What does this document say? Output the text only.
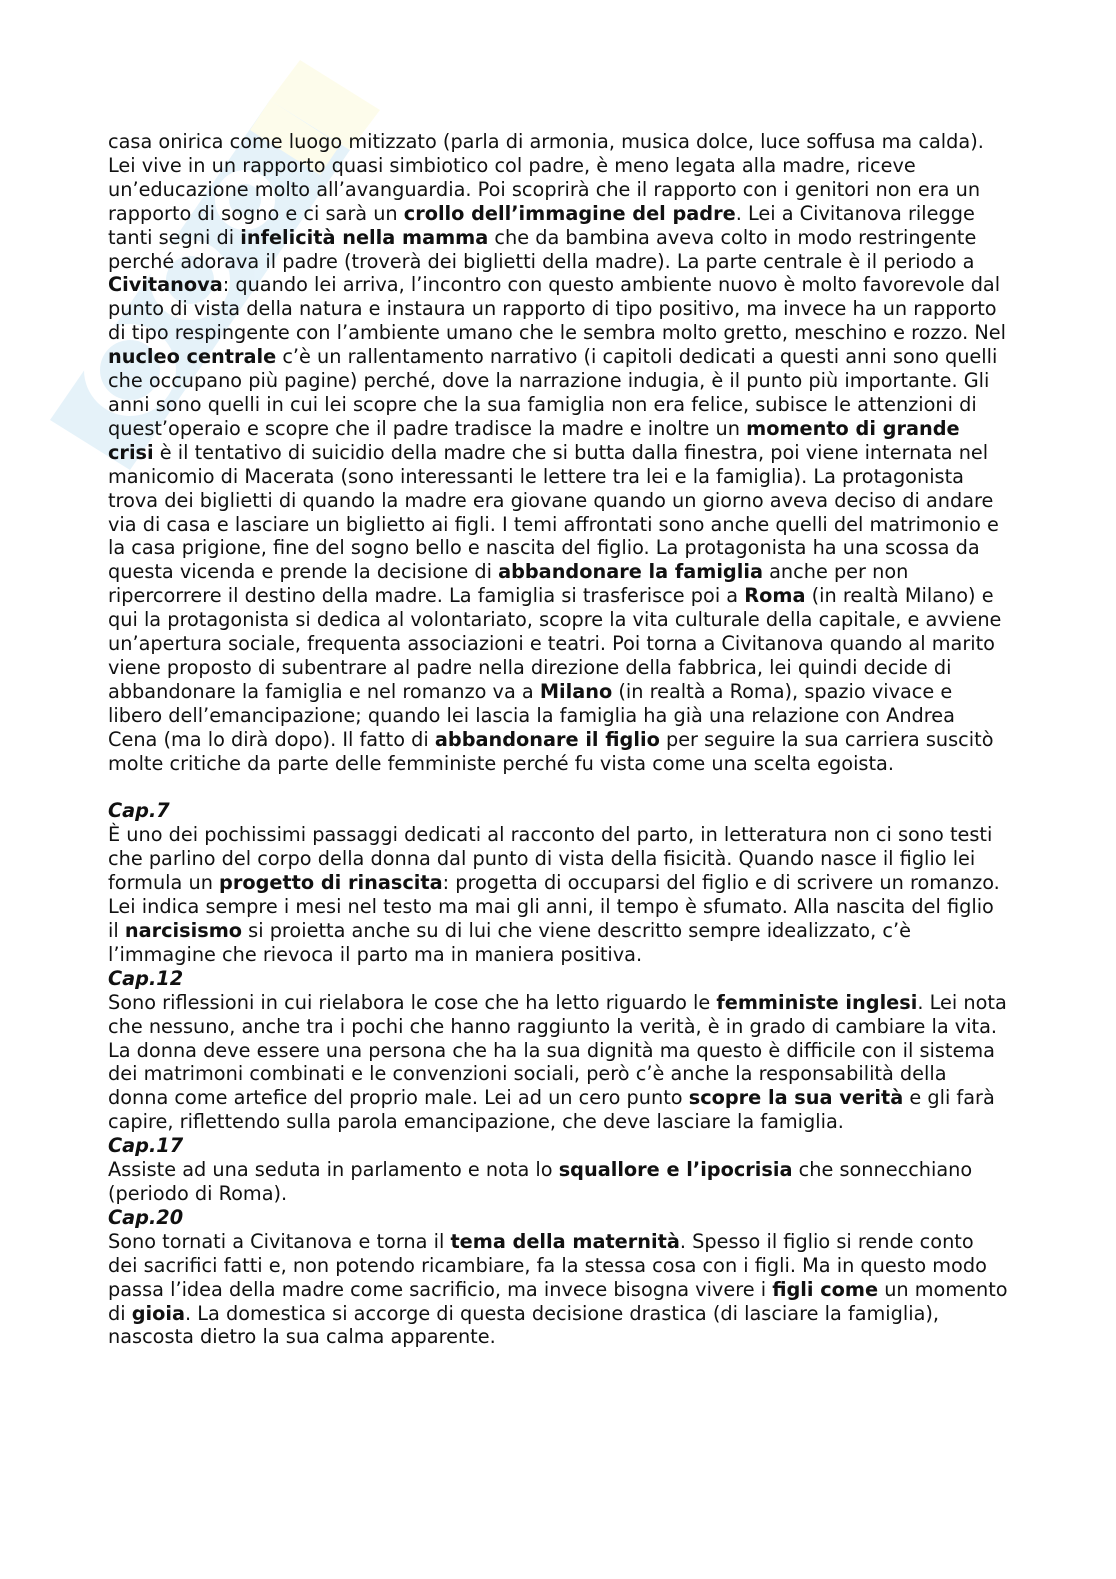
casa onirica come luogo mitizzato (parla di armonia, musica dolce, luce soffusa ma calda). Lei vive in un rapporto quasi simbiotico col padre, è meno legata alla madre, riceve un’educazione molto all’avanguardia. Poi scoprirà che il rapporto con i genitori non era un rapporto di sogno e ci sarà un crollo dell’immagine del padre. Lei a Civitanova rilegge tanti segni di infelicità nella mamma che da bambina aveva colto in modo restringente perché adorava il padre (troverà dei biglietti della madre). La parte centrale è il periodo a Civitanova: quando lei arriva, l’incontro con questo ambiente nuovo è molto favorevole dal punto di vista della natura e instaura un rapporto di tipo positivo, ma invece ha un rapporto di tipo respingente con l’ambiente umano che le sembra molto gretto, meschino e rozzo. Nel nucleo centrale c’è un rallentamento narrativo (i capitoli dedicati a questi anni sono quelli che occupano più pagine) perché, dove la narrazione indugia, è il punto più importante. Gli anni sono quelli in cui lei scopre che la sua famiglia non era felice, subisce le attenzioni di quest’operaio e scopre che il padre tradisce la madre e inoltre un momento di grande crisi è il tentativo di suicidio della madre che si butta dalla finestra, poi viene internata nel manicomio di Macerata (sono interessanti le lettere tra lei e la famiglia). La protagonista trova dei biglietti di quando la madre era giovane quando un giorno aveva deciso di andare via di casa e lasciare un biglietto ai figli. I temi affrontati sono anche quelli del matrimonio e la casa prigione, fine del sogno bello e nascita del figlio. La protagonista ha una scossa da questa vicenda e prende la decisione di abbandonare la famiglia anche per non ripercorrere il destino della madre. La famiglia si trasferisce poi a Roma (in realtà Milano) e qui la protagonista si dedica al volontariato, scopre la vita culturale della capitale, e avviene un’apertura sociale, frequenta associazioni e teatri. Poi torna a Civitanova quando al marito viene proposto di subentrare al padre nella direzione della fabbrica, lei quindi decide di abbandonare la famiglia e nel romanzo va a Milano (in realtà a Roma), spazio vivace e libero dell’emancipazione; quando lei lascia la famiglia ha già una relazione con Andrea Cena (ma lo dirà dopo). Il fatto di abbandonare il figlio per seguire la sua carriera suscitò molte critiche da parte delle femministe perché fu vista come una scelta egoista.

Cap.7

È uno dei pochissimi passaggi dedicati al racconto del parto, in letteratura non ci sono testi che parlino del corpo della donna dal punto di vista della fisicità. Quando nasce il figlio lei formula un progetto di rinascita: progetta di occuparsi del figlio e di scrivere un romanzo. Lei indica sempre i mesi nel testo ma mai gli anni, il tempo è sfumato. Alla nascita del figlio il narcisismo si proietta anche su di lui che viene descritto sempre idealizzato, c’è l’immagine che rievoca il parto ma in maniera positiva.

Cap.12

Sono riflessioni in cui rielabora le cose che ha letto riguardo le femministe inglesi. Lei nota che nessuno, anche tra i pochi che hanno raggiunto la verità, è in grado di cambiare la vita. La donna deve essere una persona che ha la sua dignità ma questo è difficile con il sistema dei matrimoni combinati e le convenzioni sociali, però c’è anche la responsabilità della donna come artefice del proprio male. Lei ad un cero punto scopre la sua verità e gli farà capire, riflettendo sulla parola emancipazione, che deve lasciare la famiglia.

Cap.17

Assiste ad una seduta in parlamento e nota lo squallore e l’ipocrisia che sonnecchiano (periodo di Roma).

Cap.20

Sono tornati a Civitanova e torna il tema della maternità. Spesso il figlio si rende conto dei sacrifici fatti e, non potendo ricambiare, fa la stessa cosa con i figli. Ma in questo modo passa l’idea della madre come sacrificio, ma invece bisogna vivere i figli come un momento di gioia. La domestica si accorge di questa decisione drastica (di lasciare la famiglia), nascosta dietro la sua calma apparente.
